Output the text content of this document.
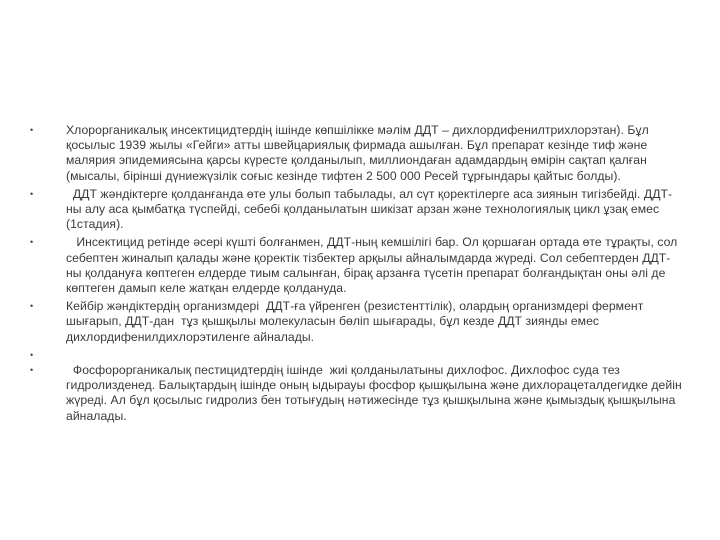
•	Хлорорганикалық инсектицидтердің ішінде көпшілікке мәлім ДДТ – дихлордифенилтрихлорэтан). Бұл қосылыс 1939 жылы «Гейги» атты швейцариялық фирмада ашылған. Бұл препарат кезінде тиф және малярия эпидемиясына қарсы күресте қолданылып, миллиондаған адамдардың өмірін сақтап қалған (мысалы, бірінші дүниежүзілік соғыс кезінде тифтен 2 500 000 Ресей тұрғындары қайтыс болды).
•	ДДТ жәндіктерге қолданғанда өте улы болып табылады, ал сүт қоректілерге аса зиянын тигізбейді. ДДТ-ны алу аса қымбатқа түспейді, себебі қолданылатын шикізат арзан және технологиялық цикл ұзақ емес (1стадия).
•	Инсектицид ретінде әсері күшті болғанмен, ДДТ-ның кемшілігі бар. Ол қоршаған ортада өте тұрақты, сол себептен жиналып қалады және қоректік тізбектер арқылы айналымдарда жүреді. Сол себептерден ДДТ-ны қолдануға көптеген елдерде тиым салынған, бірақ арзанға түсетін препарат болғандықтан оны әлі де көптеген дамып келе жатқан елдерде қолдануда.
•	Кейбір жәндіктердің организмдері  ДДТ-ға үйренген (резистенттілік), олардың организмдері фермент шығарып, ДДТ-дан  тұз қышқылы молекуласын бөліп шығарады, бұл кезде ДДТ зиянды емес дихлордифенилдихлорэтиленге айналады.
•
•	Фосфорорганикалық пестицидтердің ішінде  жиі қолданылатыны дихлофос. Дихлофос суда тез гидролизденед. Балықтардың ішінде оның ыдырауы фосфор қышқылына және дихлорацеталдегидке дейін жүреді. Ал бұл қосылыс гидролиз бен тотығудың нәтижесінде тұз қышқылына және қымыздық қышқылына айналады.
